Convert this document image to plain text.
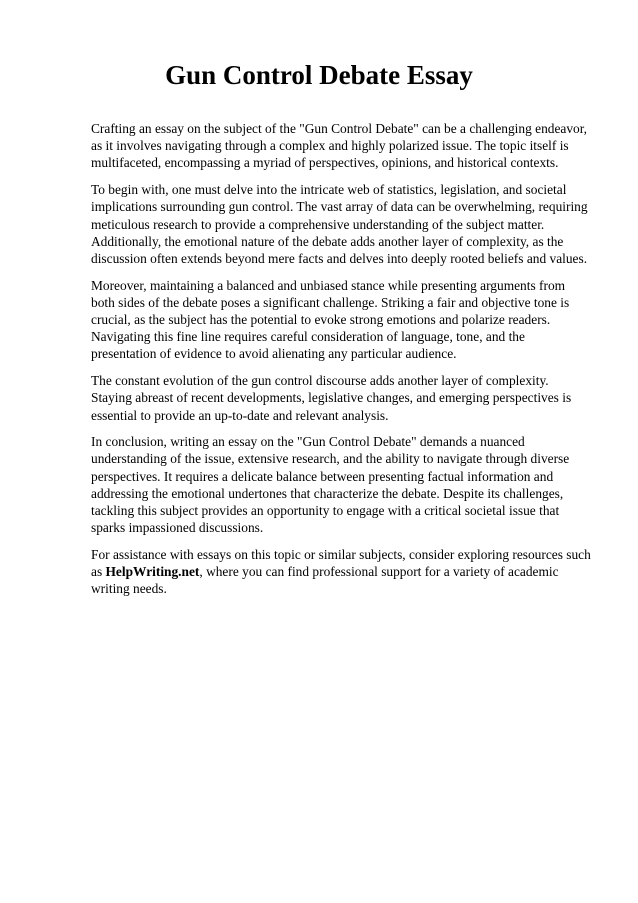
Gun Control Debate Essay

Crafting an essay on the subject of the "Gun Control Debate" can be a challenging endeavor, as it involves navigating through a complex and highly polarized issue. The topic itself is multifaceted, encompassing a myriad of perspectives, opinions, and historical contexts.

To begin with, one must delve into the intricate web of statistics, legislation, and societal implications surrounding gun control. The vast array of data can be overwhelming, requiring meticulous research to provide a comprehensive understanding of the subject matter. Additionally, the emotional nature of the debate adds another layer of complexity, as the discussion often extends beyond mere facts and delves into deeply rooted beliefs and values.

Moreover, maintaining a balanced and unbiased stance while presenting arguments from both sides of the debate poses a significant challenge. Striking a fair and objective tone is crucial, as the subject has the potential to evoke strong emotions and polarize readers. Navigating this fine line requires careful consideration of language, tone, and the presentation of evidence to avoid alienating any particular audience.

The constant evolution of the gun control discourse adds another layer of complexity. Staying abreast of recent developments, legislative changes, and emerging perspectives is essential to provide an up-to-date and relevant analysis.

In conclusion, writing an essay on the "Gun Control Debate" demands a nuanced understanding of the issue, extensive research, and the ability to navigate through diverse perspectives. It requires a delicate balance between presenting factual information and addressing the emotional undertones that characterize the debate. Despite its challenges, tackling this subject provides an opportunity to engage with a critical societal issue that sparks impassioned discussions.

For assistance with essays on this topic or similar subjects, consider exploring resources such as HelpWriting.net, where you can find professional support for a variety of academic writing needs.
